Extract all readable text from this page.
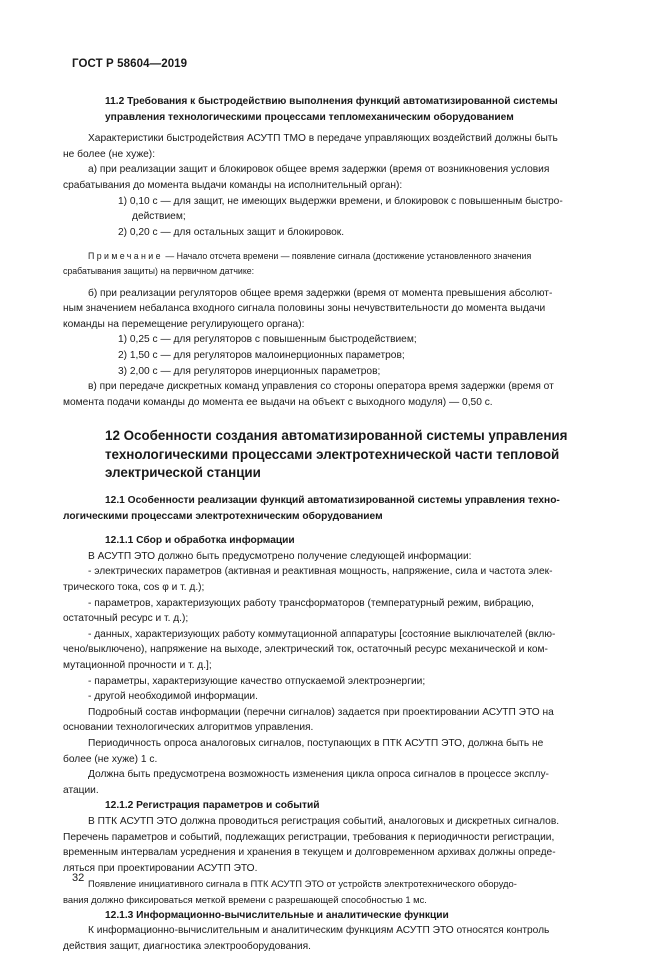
ГОСТ Р 58604—2019

11.2 Требования к быстродействию выполнения функций автоматизированной системы

управления технологическими процессами тепломеханическим оборудованием

Характеристики быстродействия АСУТП ТМО в передаче управляющих воздействий должны быть

не более (не хуже):

а) при реализации защит и блокировок общее время задержки (время от возникновения условия

срабатывания до момента выдачи команды на исполнительный орган):

1) 0,10 с — для защит, не имеющих выдержки времени, и блокировок с повышенным быстро-

действием;

2) 0,20 с — для остальных защит и блокировок.

Примечание — Начало отсчета времени — появление сигнала (достижение установленного значения

срабатывания защиты) на первичном датчике:

б) при реализации регуляторов общее время задержки (время от момента превышения абсолют-

ным значением небаланса входного сигнала половины зоны нечувствительности до момента выдачи

команды на перемещение регулирующего органа):

1) 0,25 с — для регуляторов с повышенным быстродействием;

2) 1,50 с — для регуляторов малоинерционных параметров;

3) 2,00 с — для регуляторов инерционных параметров;

в) при передаче дискретных команд управления со стороны оператора время задержки (время от

момента подачи команды до момента ее выдачи на объект с выходного модуля) — 0,50 с.

12 Особенности создания автоматизированной системы управления
технологическими процессами электротехнической части тепловой
электрической станции

12.1 Особенности реализации функций автоматизированной системы управления техно-

логическими процессами электротехническим оборудованием

12.1.1 Сбор и обработка информации

В АСУТП ЭТО должно быть предусмотрено получение следующей информации:

- электрических параметров (активная и реактивная мощность, напряжение, сила и частота элек-

трического тока, cos φ и т. д.);

- параметров, характеризующих работу трансформаторов (температурный режим, вибрацию,

остаточный ресурс и т. д.);

- данных, характеризующих работу коммутационной аппаратуры [состояние выключателей (вклю-

чено/выключено), напряжение на выходе, электрический ток, остаточный ресурс механической и ком-

мутационной прочности и т. д.];

- параметры, характеризующие качество отпускаемой электроэнергии;

- другой необходимой информации.

Подробный состав информации (перечни сигналов) задается при проектировании АСУТП ЭТО на

основании технологических алгоритмов управления.

Периодичность опроса аналоговых сигналов, поступающих в ПТК АСУТП ЭТО, должна быть не

более (не хуже) 1 с.

Должна быть предусмотрена возможность изменения цикла опроса сигналов в процессе эксплу-

атации.

12.1.2 Регистрация параметров и событий

В ПТК АСУТП ЭТО должна проводиться регистрация событий, аналоговых и дискретных сигналов.

Перечень параметров и событий, подлежащих регистрации, требования к периодичности регистрации,

временным интервалам усреднения и хранения в текущем и долговременном архивах должны опреде-

ляться при проектировании АСУТП ЭТО.

Появление инициативного сигнала в ПТК АСУТП ЭТО от устройств электротехнического оборудо-

вания должно фиксироваться меткой времени с разрешающей способностью 1 мс.

12.1.3 Информационно-вычислительные и аналитические функции

К информационно-вычислительным и аналитическим функциям АСУТП ЭТО относятся контроль

действия защит, диагностика электрооборудования.

32
